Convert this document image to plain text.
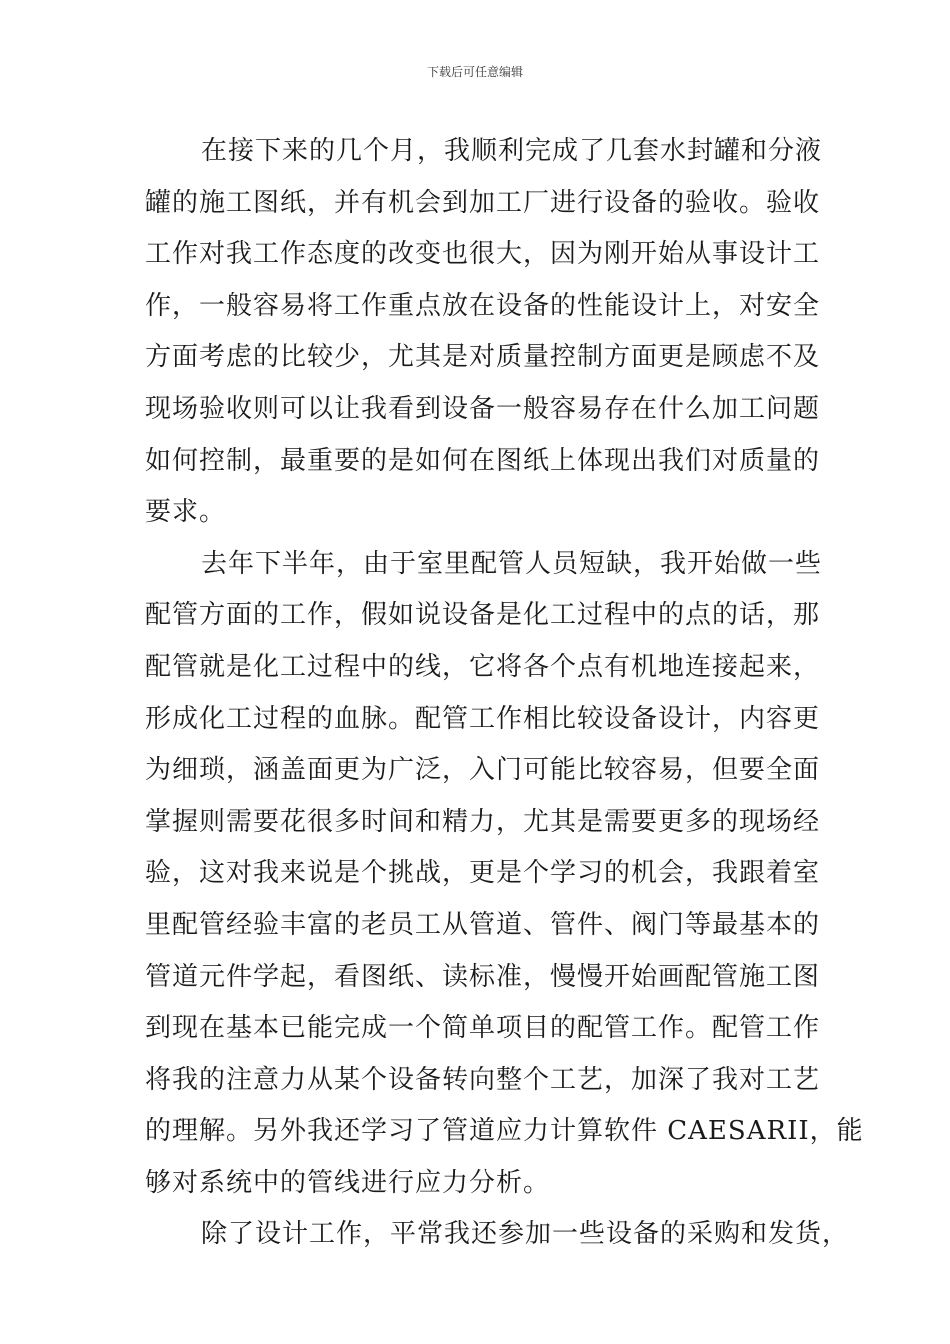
下载后可任意编辑
在接下来的几个月，我顺利完成了几套水封罐和分液
罐的施工图纸，并有机会到加工厂进行设备的验收。验收
工作对我工作态度的改变也很大，因为刚开始从事设计工
作，一般容易将工作重点放在设备的性能设计上，对安全
方面考虑的比较少，尤其是对质量控制方面更是顾虑不及
现场验收则可以让我看到设备一般容易存在什么加工问题
如何控制，最重要的是如何在图纸上体现出我们对质量的
要求。
去年下半年，由于室里配管人员短缺，我开始做一些
配管方面的工作，假如说设备是化工过程中的点的话，那
配管就是化工过程中的线，它将各个点有机地连接起来，
形成化工过程的血脉。配管工作相比较设备设计，内容更
为细琐，涵盖面更为广泛，入门可能比较容易，但要全面
掌握则需要花很多时间和精力，尤其是需要更多的现场经
验，这对我来说是个挑战，更是个学习的机会，我跟着室
里配管经验丰富的老员工从管道、管件、阀门等最基本的
管道元件学起，看图纸、读标准，慢慢开始画配管施工图
到现在基本已能完成一个简单项目的配管工作。配管工作
将我的注意力从某个设备转向整个工艺，加深了我对工艺
的理解。另外我还学习了管道应力计算软件 CAESARII，能
够对系统中的管线进行应力分析。
除了设计工作，平常我还参加一些设备的采购和发货，
